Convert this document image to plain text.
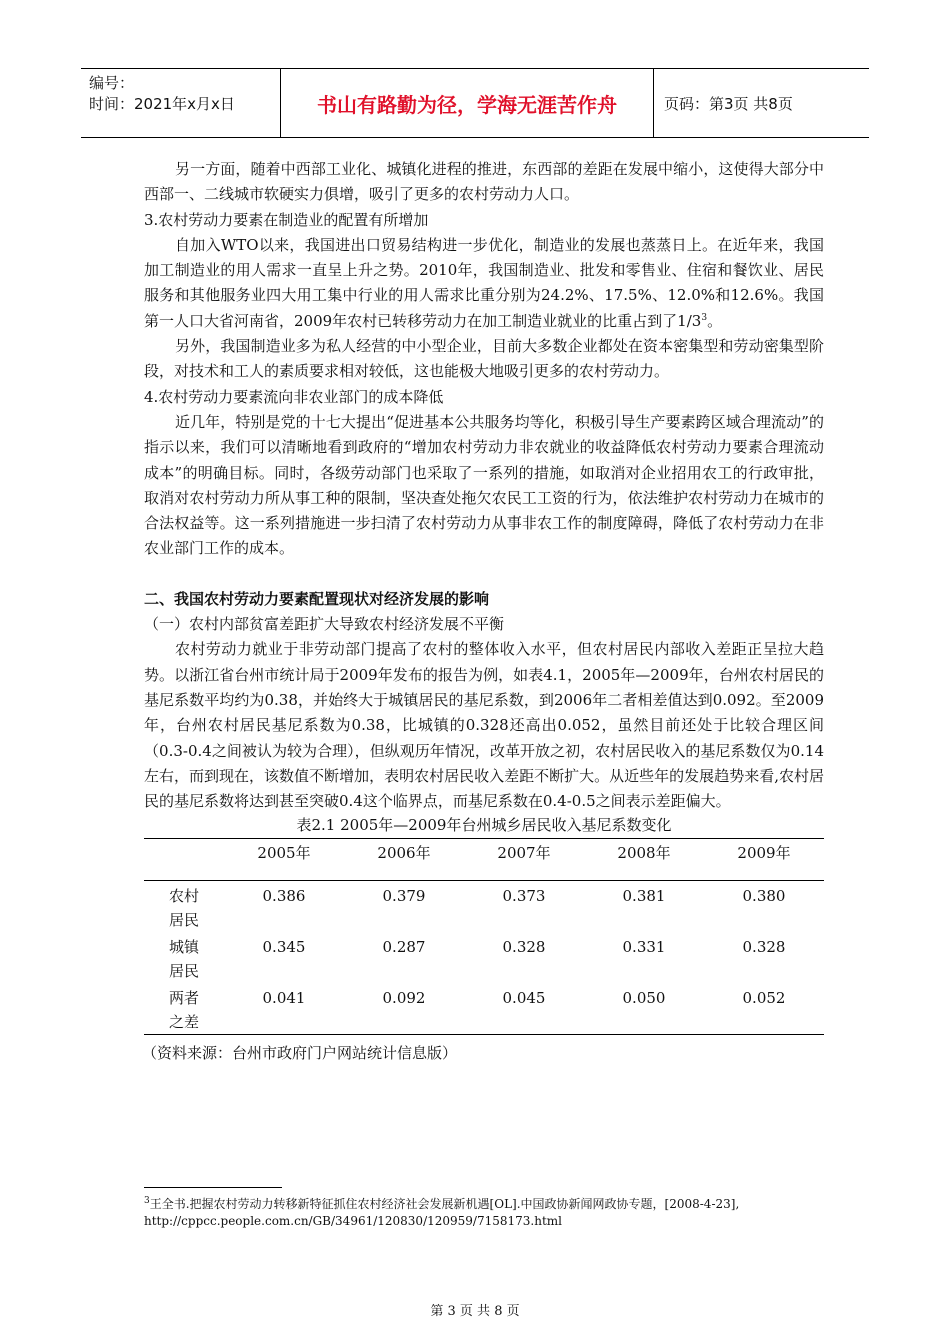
编号：
时间：2021年x月x日	书山有路勤为径，学海无涯苦作舟	页码：第3页 共8页

另一方面，随着中西部工业化、城镇化进程的推进，东西部的差距在发展中缩小，这使得大部分中西部一、二线城市软硬实力俱增，吸引了更多的农村劳动力人口。

3.农村劳动力要素在制造业的配置有所增加

自加入WTO以来，我国进出口贸易结构进一步优化，制造业的发展也蒸蒸日上。在近年来，我国加工制造业的用人需求一直呈上升之势。2010年，我国制造业、批发和零售业、住宿和餐饮业、居民服务和其他服务业四大用工集中行业的用人需求比重分别为24.2%、17.5%、12.0%和12.6%。我国第一人口大省河南省，2009年农村已转移劳动力在加工制造业就业的比重占到了$1/3^3$。

另外，我国制造业多为私人经营的中小型企业，目前大多数企业都处在资本密集型和劳动密集型阶段，对技术和工人的素质要求相对较低，这也能极大地吸引更多的农村劳动力。

4.农村劳动力要素流向非农业部门的成本降低

近几年，特别是党的十七大提出“促进基本公共服务均等化，积极引导生产要素跨区域合理流动”的指示以来，我们可以清晰地看到政府的“增加农村劳动力非农就业的收益降低农村劳动力要素合理流动成本”的明确目标。同时，各级劳动部门也采取了一系列的措施，如取消对企业招用农工的行政审批，取消对农村劳动力所从事工种的限制，坚决查处拖欠农民工工资的行为，依法维护农村劳动力在城市的合法权益等。这一系列措施进一步扫清了农村劳动力从事非农工作的制度障碍，降低了农村劳动力在非农业部门工作的成本。

二、我国农村劳动力要素配置现状对经济发展的影响

（一）农村内部贫富差距扩大导致农村经济发展不平衡

农村劳动力就业于非劳动部门提高了农村的整体收入水平，但农村居民内部收入差距正呈拉大趋势。以浙江省台州市统计局于2009年发布的报告为例，如表4.1，2005年—2009年，台州农村居民的基尼系数平均约为0.38，并始终大于城镇居民的基尼系数，到2006年二者相差值达到0.092。至2009年，台州农村居民基尼系数为0.38，比城镇的0.328还高出0.052，虽然目前还处于比较合理区间（0.3-0.4之间被认为较为合理），但纵观历年情况，改革开放之初，农村居民收入的基尼系数仅为0.14左右，而到现在，该数值不断增加，表明农村居民收入差距不断扩大。从近些年的发展趋势来看,农村居民的基尼系数将达到甚至突破0.4这个临界点，而基尼系数在0.4-0.5之间表示差距偏大。

表2.1 2005年—2009年台州城乡居民收入基尼系数变化

	2005年	2006年	2007年	2008年	2009年

农村
居民	0.386	0.379	0.373	0.381	0.380

城镇
居民	0.345	0.287	0.328	0.331	0.328

两者
之差	0.041	0.092	0.045	0.050	0.052

（资料来源：台州市政府门户网站统计信息版）

$^3$王全书.把握农村劳动力转移新特征抓住农村经济社会发展新机遇[OL].中国政协新闻网政协专题，[2008-4-23], http://cppcc.people.com.cn/GB/34961/120830/120959/7158173.html
第 3 页 共 8 页
